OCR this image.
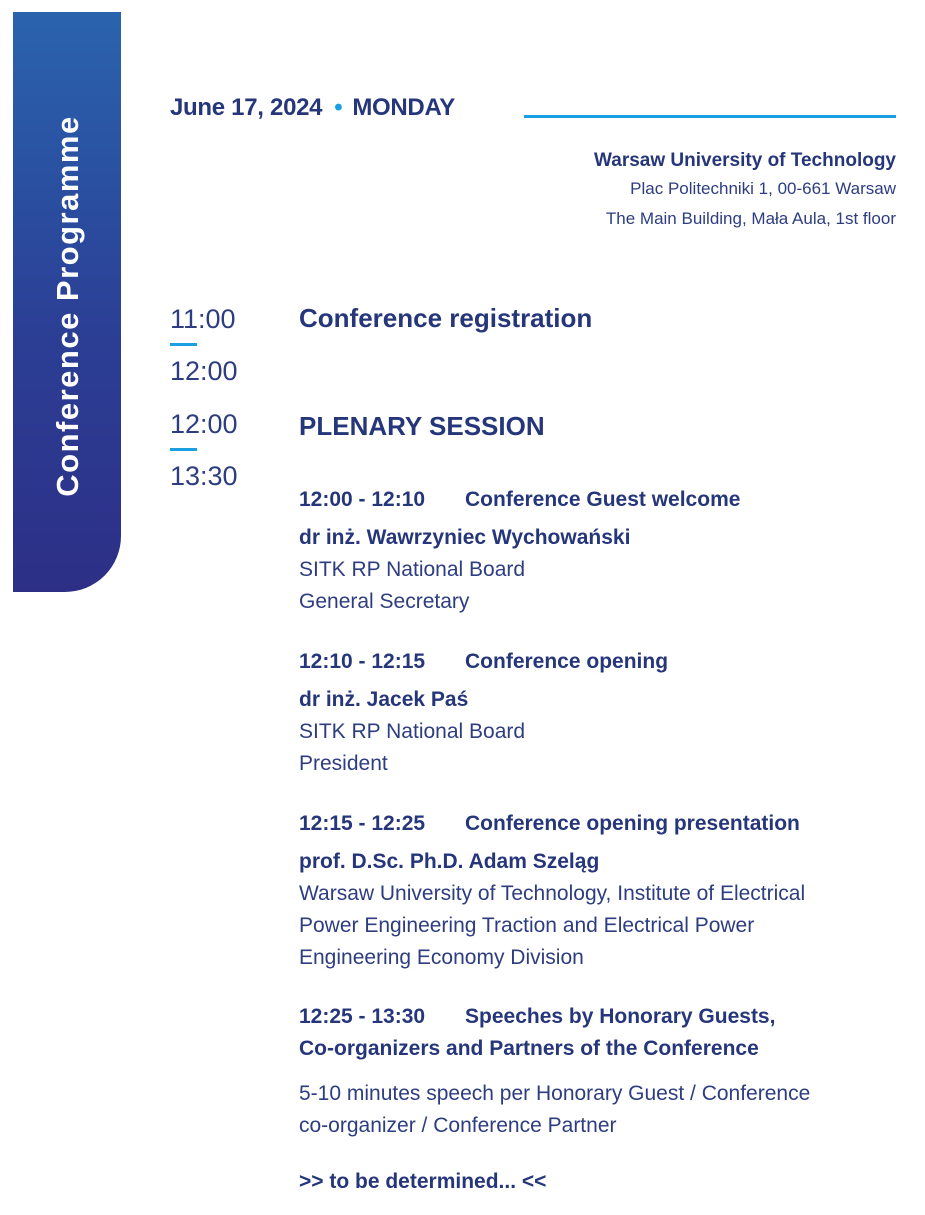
Conference Programme
June 17, 2024 • MONDAY
Warsaw University of Technology
Plac Politechniki 1, 00-661 Warsaw
The Main Building, Mała Aula, 1st floor
11:00
12:00
Conference registration
12:00
13:30
PLENARY SESSION
12:00 - 12:10 Conference Guest welcome
dr inż. Wawrzyniec Wychowański
SITK RP National Board
General Secretary
12:10 - 12:15 Conference opening
dr inż. Jacek Paś
SITK RP National Board
President
12:15 - 12:25 Conference opening presentation
prof. D.Sc. Ph.D. Adam Szeląg
Warsaw University of Technology, Institute of Electrical
Power Engineering Traction and Electrical Power
Engineering Economy Division
12:25 - 13:30 Speeches by Honorary Guests,
Co-organizers and Partners of the Conference
5-10 minutes speech per Honorary Guest / Conference
co-organizer / Conference Partner
>> to be determined... <<
